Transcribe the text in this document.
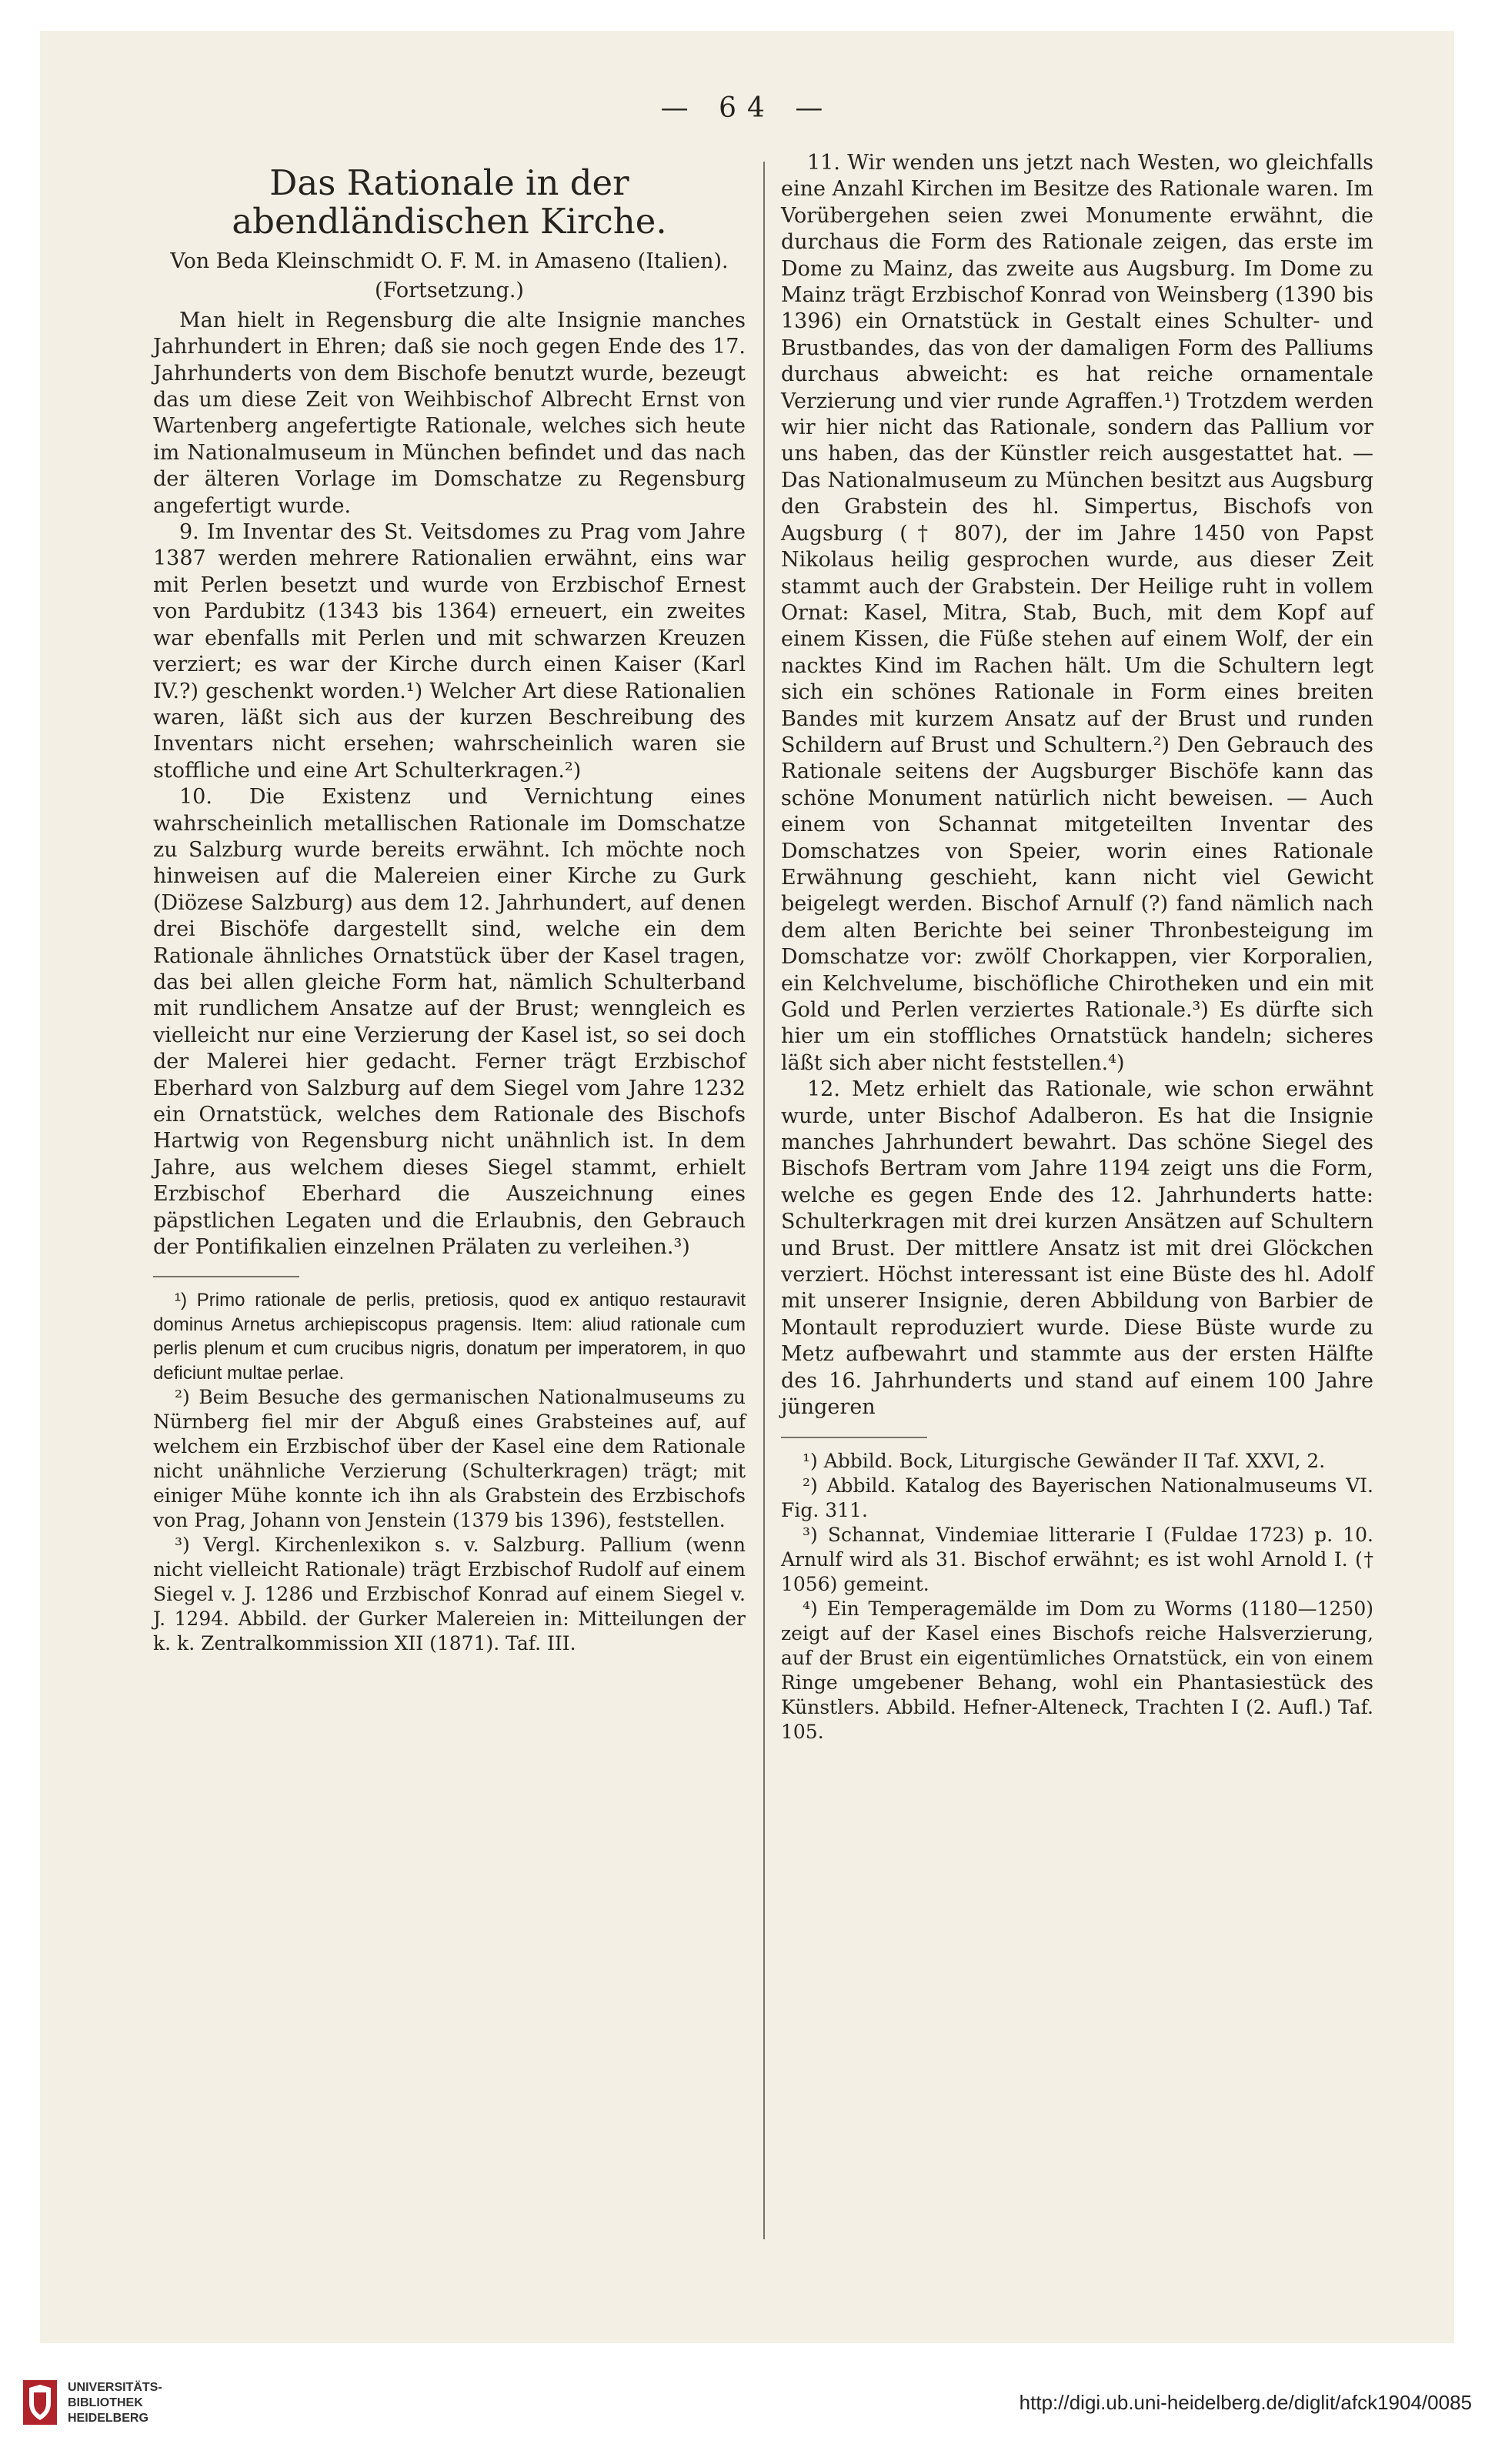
— 64 —
Das Rationale in der abendländischen Kirche.

Von Beda Kleinschmidt O. F. M. in Amaseno (Italien).

(Fortsetzung.)

Man hielt in Regensburg die alte Insignie manches Jahrhundert in Ehren; daß sie noch gegen Ende des 17. Jahrhunderts von dem Bischofe benutzt wurde, bezeugt das um diese Zeit von Weihbischof Albrecht Ernst von Wartenberg angefertigte Rationale, welches sich heute im Nationalmuseum in München befindet und das nach der älteren Vorlage im Domschatze zu Regensburg angefertigt wurde.

9. Im Inventar des St. Veitsdomes zu Prag vom Jahre 1387 werden mehrere Rationalien erwähnt, eins war mit Perlen besetzt und wurde von Erzbischof Ernest von Pardubitz (1343 bis 1364) erneuert, ein zweites war ebenfalls mit Perlen und mit schwarzen Kreuzen verziert; es war der Kirche durch einen Kaiser (Karl IV.?) geschenkt worden.¹) Welcher Art diese Rationalien waren, läßt sich aus der kurzen Beschreibung des Inventars nicht ersehen; wahrscheinlich waren sie stoffliche und eine Art Schulterkragen.²)

10. Die Existenz und Vernichtung eines wahrscheinlich metallischen Rationale im Domschatze zu Salzburg wurde bereits erwähnt. Ich möchte noch hinweisen auf die Malereien einer Kirche zu Gurk (Diözese Salzburg) aus dem 12. Jahrhundert, auf denen drei Bischöfe dargestellt sind, welche ein dem Rationale ähnliches Ornatstück über der Kasel tragen, das bei allen gleiche Form hat, nämlich Schulterband mit rundlichem Ansatze auf der Brust; wenngleich es vielleicht nur eine Verzierung der Kasel ist, so sei doch der Malerei hier gedacht. Ferner trägt Erzbischof Eberhard von Salzburg auf dem Siegel vom Jahre 1232 ein Ornatstück, welches dem Rationale des Bischofs Hartwig von Regensburg nicht unähnlich ist. In dem Jahre, aus welchem dieses Siegel stammt, erhielt Erzbischof Eberhard die Auszeichnung eines päpstlichen Legaten und die Erlaubnis, den Gebrauch der Pontifikalien einzelnen Prälaten zu verleihen.³)

¹) Primo rationale de perlis, pretiosis, quod ex antiquo restauravit dominus Arnetus archiepiscopus pragensis. Item: aliud rationale cum perlis plenum et cum crucibus nigris, donatum per imperatorem, in quo deficiunt multae perlae.

²) Beim Besuche des germanischen Nationalmuseums zu Nürnberg fiel mir der Abguß eines Grabsteines auf, auf welchem ein Erzbischof über der Kasel eine dem Rationale nicht unähnliche Verzierung (Schulterkragen) trägt; mit einiger Mühe konnte ich ihn als Grabstein des Erzbischofs von Prag, Johann von Jenstein (1379 bis 1396), feststellen.

³) Vergl. Kirchenlexikon s. v. Salzburg. Pallium (wenn nicht vielleicht Rationale) trägt Erzbischof Rudolf auf einem Siegel v. J. 1286 und Erzbischof Konrad auf einem Siegel v. J. 1294. Abbild. der Gurker Malereien in: Mitteilungen der k. k. Zentralkommission XII (1871). Taf. III.

11. Wir wenden uns jetzt nach Westen, wo gleichfalls eine Anzahl Kirchen im Besitze des Rationale waren. Im Vorübergehen seien zwei Monumente erwähnt, die durchaus die Form des Rationale zeigen, das erste im Dome zu Mainz, das zweite aus Augsburg. Im Dome zu Mainz trägt Erzbischof Konrad von Weinsberg (1390 bis 1396) ein Ornatstück in Gestalt eines Schulter- und Brustbandes, das von der damaligen Form des Palliums durchaus abweicht: es hat reiche ornamentale Verzierung und vier runde Agraffen.¹) Trotzdem werden wir hier nicht das Rationale, sondern das Pallium vor uns haben, das der Künstler reich ausgestattet hat. — Das Nationalmuseum zu München besitzt aus Augsburg den Grabstein des hl. Simpertus, Bischofs von Augsburg († 807), der im Jahre 1450 von Papst Nikolaus heilig gesprochen wurde, aus dieser Zeit stammt auch der Grabstein. Der Heilige ruht in vollem Ornat: Kasel, Mitra, Stab, Buch, mit dem Kopf auf einem Kissen, die Füße stehen auf einem Wolf, der ein nacktes Kind im Rachen hält. Um die Schultern legt sich ein schönes Rationale in Form eines breiten Bandes mit kurzem Ansatz auf der Brust und runden Schildern auf Brust und Schultern.²) Den Gebrauch des Rationale seitens der Augsburger Bischöfe kann das schöne Monument natürlich nicht beweisen. — Auch einem von Schannat mitgeteilten Inventar des Domschatzes von Speier, worin eines Rationale Erwähnung geschieht, kann nicht viel Gewicht beigelegt werden. Bischof Arnulf (?) fand nämlich nach dem alten Berichte bei seiner Thronbesteigung im Domschatze vor: zwölf Chorkappen, vier Korporalien, ein Kelchvelume, bischöfliche Chirotheken und ein mit Gold und Perlen verziertes Rationale.³) Es dürfte sich hier um ein stoffliches Ornatstück handeln; sicheres läßt sich aber nicht feststellen.⁴)

12. Metz erhielt das Rationale, wie schon erwähnt wurde, unter Bischof Adalberon. Es hat die Insignie manches Jahrhundert bewahrt. Das schöne Siegel des Bischofs Bertram vom Jahre 1194 zeigt uns die Form, welche es gegen Ende des 12. Jahrhunderts hatte: Schulterkragen mit drei kurzen Ansätzen auf Schultern und Brust. Der mittlere Ansatz ist mit drei Glöckchen verziert. Höchst interessant ist eine Büste des hl. Adolf mit unserer Insignie, deren Abbildung von Barbier de Montault reproduziert wurde. Diese Büste wurde zu Metz aufbewahrt und stammte aus der ersten Hälfte des 16. Jahrhunderts und stand auf einem 100 Jahre jüngeren

¹) Abbild. Bock, Liturgische Gewänder II Taf. XXVI, 2.

²) Abbild. Katalog des Bayerischen Nationalmuseums VI. Fig. 311.

³) Schannat, Vindemiae litterarie I (Fuldae 1723) p. 10. Arnulf wird als 31. Bischof erwähnt; es ist wohl Arnold I. († 1056) gemeint.

⁴) Ein Temperagemälde im Dom zu Worms (1180—1250) zeigt auf der Kasel eines Bischofs reiche Halsverzierung, auf der Brust ein eigentümliches Ornatstück, ein von einem Ringe umgebener Behang, wohl ein Phantasiestück des Künstlers. Abbild. Hefner-Alteneck, Trachten I (2. Aufl.) Taf. 105.

UNIVERSITÄTS-
BIBLIOTHEK
HEIDELBERG
http://digi.ub.uni-heidelberg.de/diglit/afck1904/0085
